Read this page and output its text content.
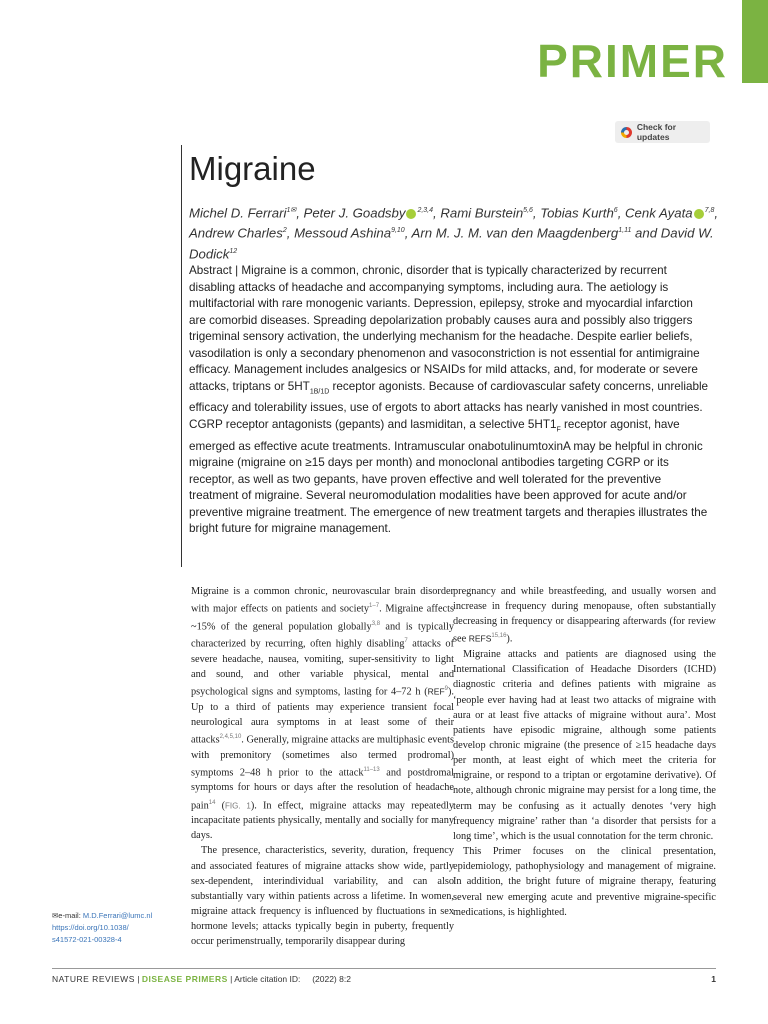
PRIMER
Check for updates
Migraine

Michel D. Ferrari$^{1✉}$, Peter J. Goadsby $^{2,3,4}$, Rami Burstein$^{5,6}$, Tobias Kurth$^6$, Cenk Ayata $^{7,8}$, Andrew Charles$^2$, Messoud Ashina$^{9,10}$, Arn M. J. M. van den Maagdenberg$^{1,11}$ and David W. Dodick$^{12}$

Abstract | Migraine is a common, chronic, disorder that is typically characterized by recurrent disabling attacks of headache and accompanying symptoms, including aura. The aetiology is multifactorial with rare monogenic variants. Depression, epilepsy, stroke and myocardial infarction are comorbid diseases. Spreading depolarization probably causes aura and possibly also triggers trigeminal sensory activation, the underlying mechanism for the headache. Despite earlier beliefs, vasodilation is only a secondary phenomenon and vasoconstriction is not essential for antimigraine efficacy. Management includes analgesics or NSAIDs for mild attacks, and, for moderate or severe attacks, triptans or $5HT_{1B/1D}$ receptor agonists. Because of cardiovascular safety concerns, unreliable efficacy and tolerability issues, use of ergots to abort attacks has nearly vanished in most countries. CGRP receptor antagonists (gepants) and lasmiditan, a selective $5HT1_F$ receptor agonist, have emerged as effective acute treatments. Intramuscular onabotulinumtoxinA may be helpful in chronic migraine (migraine on ≥15 days per month) and monoclonal antibodies targeting CGRP or its receptor, as well as two gepants, have proven effective and well tolerated for the preventive treatment of migraine. Several neuromodulation modalities have been approved for acute and/or preventive migraine treatment. The emergence of new treatment targets and therapies illustrates the bright future for migraine management.

Migraine is a common chronic, neurovascular brain disorder with major effects on patients and society$^{1-7}$. Migraine affects ~15% of the general population globally$^{3,8}$ and is typically characterized by recurring, often highly disabling$^7$ attacks of severe headache, nausea, vomiting, super-sensitivity to light and sound, and other variable physical, mental and psychological signs and symptoms, lasting for 4–72 h (REF$^9$). Up to a third of patients may experience transient focal neurological aura symptoms in at least some of their attacks$^{2,4,5,10}$. Generally, migraine attacks are multiphasic events with premonitory (sometimes also termed prodromal) symptoms 2–48 h prior to the attack$^{11-13}$ and postdromal symptoms for hours or days after the resolution of headache pain$^{14}$ (FIG. 1). In effect, migraine attacks may repeatedly incapacitate patients physically, mentally and socially for many days.

The presence, characteristics, severity, duration, frequency and associated features of migraine attacks show wide, partly sex-dependent, interindividual variability, and can also substantially vary within patients across a lifetime. In women, migraine attack frequency is influenced by fluctuations in sex hormone levels; attacks typically begin in puberty, frequently occur perimenstrually, temporarily disappear during

pregnancy and while breastfeeding, and usually worsen and increase in frequency during menopause, often substantially decreasing in frequency or disappearing afterwards (for review see REFS$^{15,16}$).

Migraine attacks and patients are diagnosed using the International Classification of Headache Disorders (ICHD) diagnostic criteria and defines patients with migraine as ‘people ever having had at least two attacks of migraine with aura or at least five attacks of migraine without aura’. Most patients have episodic migraine, although some patients develop chronic migraine (the presence of ≥15 headache days per month, at least eight of which meet the criteria for migraine, or respond to a triptan or ergotamine derivative). Of note, although chronic migraine may persist for a long time, the term may be confusing as it actually denotes ‘very high frequency migraine’ rather than ‘a disorder that persists for a long time’, which is the usual connotation for the term chronic.

This Primer focuses on the clinical presentation, epidemiology, pathophysiology and management of migraine. In addition, the bright future of migraine therapy, featuring several new emerging acute and preventive migraine-specific medications, is highlighted.

✉e-mail: M.D.Ferrari@lumc.nl
https://doi.org/10.1038/
s41572-021-00328-4
NATURE REVIEWS
|
DISEASE PRIMERS
| Article citation ID:
(2022) 8:2	1
